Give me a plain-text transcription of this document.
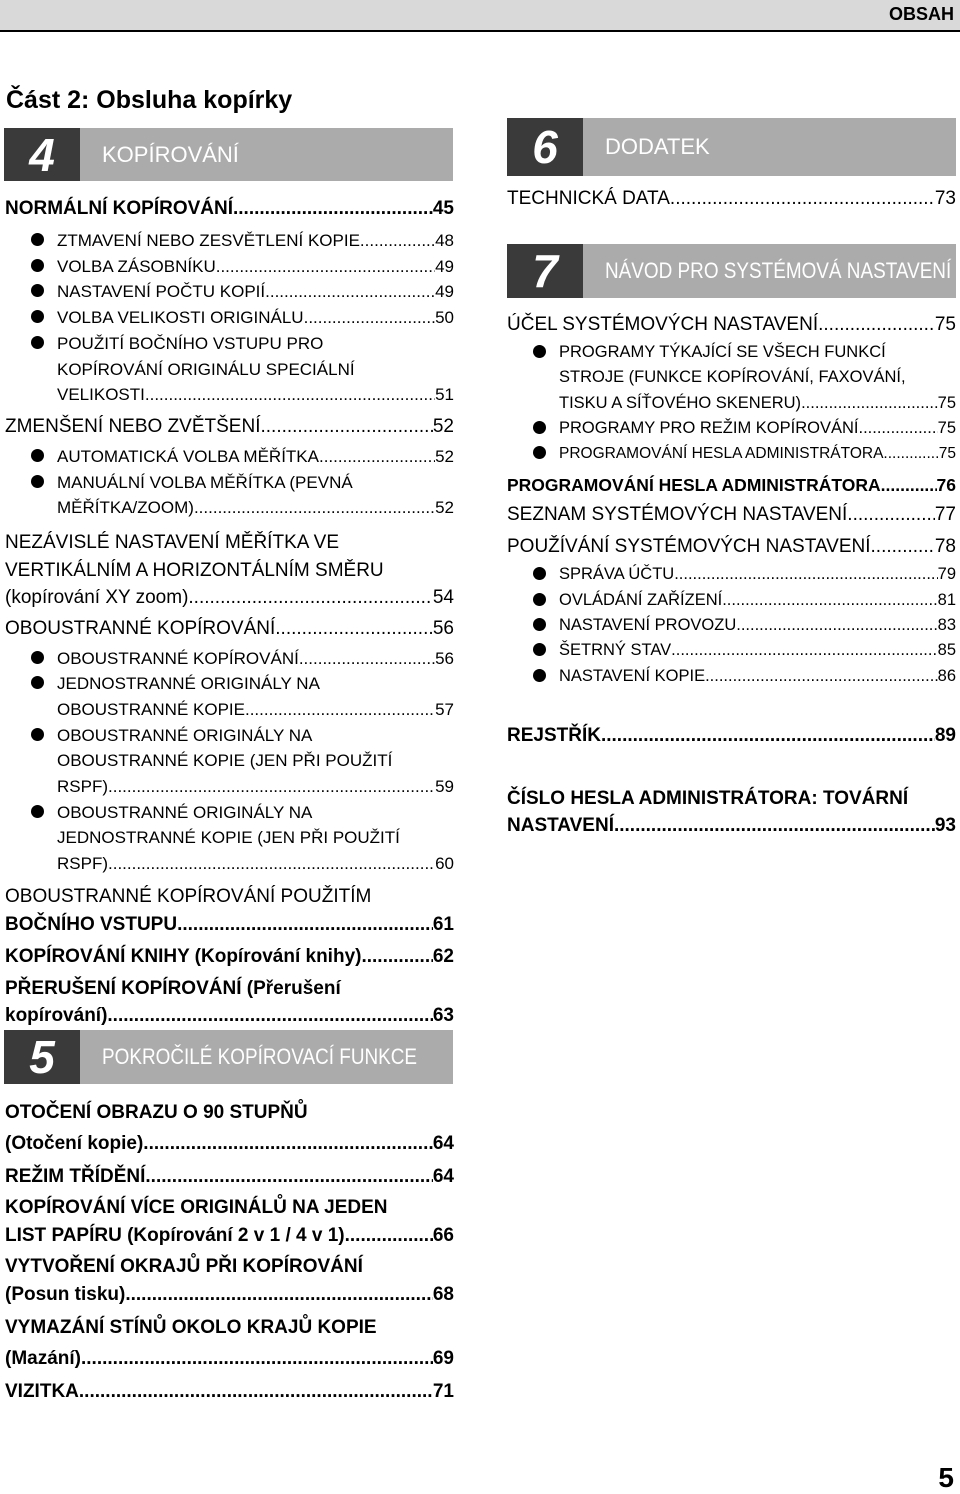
OBSAH
Část 2: Obsluha kopírky
4	KOPÍROVÁNÍ
NORMÁLNÍ KOPÍROVÁNÍ .....	45
ZTMAVENÍ NEBO ZESVĚTLENÍ KOPIE .....	48
VOLBA ZÁSOBNÍKU .....	49
NASTAVENÍ POČTU KOPIÍ .....	49
VOLBA VELIKOSTI ORIGINÁLU .....	50
POUŽITÍ BOČNÍHO VSTUPU PRO
KOPÍROVÁNÍ ORIGINÁLU SPECIÁLNÍ
VELIKOSTI .....	51
ZMENŠENÍ NEBO ZVĚTŠENÍ .....	52
AUTOMATICKÁ VOLBA MĚŘÍTKA .....	52
MANUÁLNÍ VOLBA MĚŘÍTKA (PEVNÁ
MĚŘÍTKA/ZOOM) .....	52
NEZÁVISLÉ NASTAVENÍ MĚŘÍTKA VE
VERTIKÁLNÍM A HORIZONTÁLNÍM SMĚRU
(kopírování XY zoom) .....	54
OBOUSTRANNÉ KOPÍROVÁNÍ .....	56
OBOUSTRANNÉ KOPÍROVÁNÍ .....	56
JEDNOSTRANNÉ ORIGINÁLY NA
OBOUSTRANNÉ KOPIE .....	57
OBOUSTRANNÉ ORIGINÁLY NA
OBOUSTRANNÉ KOPIE (JEN PŘI POUŽITÍ
RSPF) .....	59
OBOUSTRANNÉ ORIGINÁLY NA
JEDNOSTRANNÉ KOPIE (JEN PŘI POUŽITÍ
RSPF) .....	60
OBOUSTRANNÉ KOPÍROVÁNÍ POUŽITÍM
BOČNÍHO VSTUPU .....	61
KOPÍROVÁNÍ KNIHY (Kopírování knihy) .....	62
PŘERUŠENÍ KOPÍROVÁNÍ (Přerušení
kopírování) .....	63
5	POKROČILÉ KOPÍROVACÍ FUNKCE
OTOČENÍ OBRAZU O 90 STUPŇŮ
(Otočení kopie) .....	64
REŽIM TŘÍDĚNÍ .....	64
KOPÍROVÁNÍ VÍCE ORIGINÁLŮ NA JEDEN
LIST PAPÍRU (Kopírování 2 v 1 / 4 v 1) .....	66
VYTVOŘENÍ OKRAJŮ PŘI KOPÍROVÁNÍ
(Posun tisku) .....	68
VYMAZÁNÍ STÍNŮ OKOLO KRAJŮ KOPIE
(Mazání) .....	69
VIZITKA .....	71
6	DODATEK
TECHNICKÁ DATA .....	73
7	NÁVOD PRO SYSTÉMOVÁ NASTAVENÍ
ÚČEL SYSTÉMOVÝCH NASTAVENÍ .....	75
PROGRAMY TÝKAJÍCÍ SE VŠECH FUNKCÍ
STROJE (FUNKCE KOPÍROVÁNÍ, FAXOVÁNÍ,
TISKU A SÍŤOVÉHO SKENERU) .....	75
PROGRAMY PRO REŽIM KOPÍROVÁNÍ .....	75
PROGRAMOVÁNÍ HESLA ADMINISTRÁTORA .....	75
PROGRAMOVÁNÍ HESLA ADMINISTRÁTORA .....	76
SEZNAM SYSTÉMOVÝCH NASTAVENÍ .....	77
POUŽÍVÁNÍ SYSTÉMOVÝCH NASTAVENÍ .....	78
SPRÁVA ÚČTU .....	79
OVLÁDÁNÍ ZAŘÍZENÍ .....	81
NASTAVENÍ PROVOZU .....	83
ŠETRNÝ STAV .....	85
NASTAVENÍ KOPIE .....	86
REJSTŘÍK .....	89
ČÍSLO HESLA ADMINISTRÁTORA: TOVÁRNÍ
NASTAVENÍ .....	93
5
